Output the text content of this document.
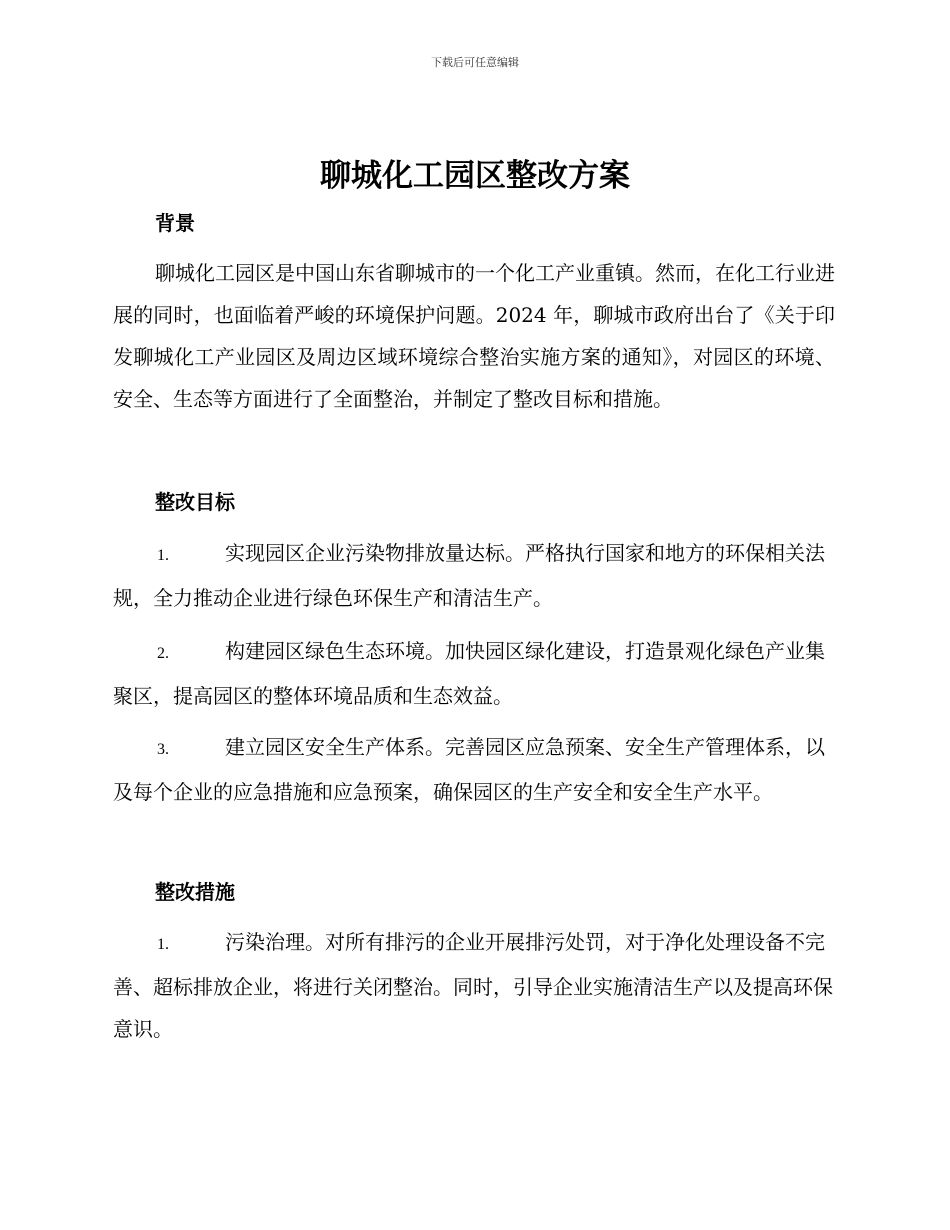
下载后可任意编辑
聊城化工园区整改方案
背景

聊城化工园区是中国山东省聊城市的一个化工产业重镇。然而，在化工行业进展的同时，也面临着严峻的环境保护问题。2024 年，聊城市政府出台了《关于印发聊城化工产业园区及周边区域环境综合整治实施方案的通知》，对园区的环境、安全、生态等方面进行了全面整治，并制定了整改目标和措施。

整改目标
1.	实现园区企业污染物排放量达标。严格执行国家和地方的环保相关法规，全力推动企业进行绿色环保生产和清洁生产。
2.	构建园区绿色生态环境。加快园区绿化建设，打造景观化绿色产业集聚区，提高园区的整体环境品质和生态效益。
3.	建立园区安全生产体系。完善园区应急预案、安全生产管理体系，以及每个企业的应急措施和应急预案，确保园区的生产安全和安全生产水平。
整改措施
1.	污染治理。对所有排污的企业开展排污处罚，对于净化处理设备不完善、超标排放企业，将进行关闭整治。同时，引导企业实施清洁生产以及提高环保意识。
